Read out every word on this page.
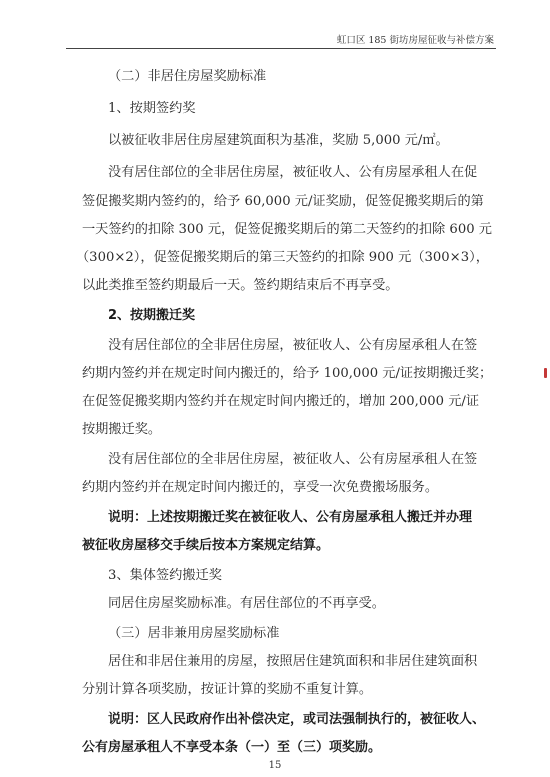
虹口区 185 街坊房屋征收与补偿方案
（二）非居住房屋奖励标准
1、按期签约奖
以被征收非居住房屋建筑面积为基准，奖励 5,000 元/㎡。
没有居住部位的全非居住房屋，被征收人、公有房屋承租人在促
签促搬奖期内签约的，给予 60,000 元/证奖励，促签促搬奖期后的第
一天签约的扣除 300 元，促签促搬奖期后的第二天签约的扣除 600 元
（300×2），促签促搬奖期后的第三天签约的扣除 900 元（300×3），
以此类推至签约期最后一天。签约期结束后不再享受。
2、按期搬迁奖
没有居住部位的全非居住房屋，被征收人、公有房屋承租人在签
约期内签约并在规定时间内搬迁的，给予 100,000 元/证按期搬迁奖；
在促签促搬奖期内签约并在规定时间内搬迁的，增加 200,000 元/证
按期搬迁奖。
没有居住部位的全非居住房屋，被征收人、公有房屋承租人在签
约期内签约并在规定时间内搬迁的，享受一次免费搬场服务。
说明：上述按期搬迁奖在被征收人、公有房屋承租人搬迁并办理
被征收房屋移交手续后按本方案规定结算。
3、集体签约搬迁奖
同居住房屋奖励标准。有居住部位的不再享受。
（三）居非兼用房屋奖励标准
居住和非居住兼用的房屋，按照居住建筑面积和非居住建筑面积
分别计算各项奖励，按证计算的奖励不重复计算。
说明：区人民政府作出补偿决定，或司法强制执行的，被征收人、
公有房屋承租人不享受本条（一）至（三）项奖励。
15
